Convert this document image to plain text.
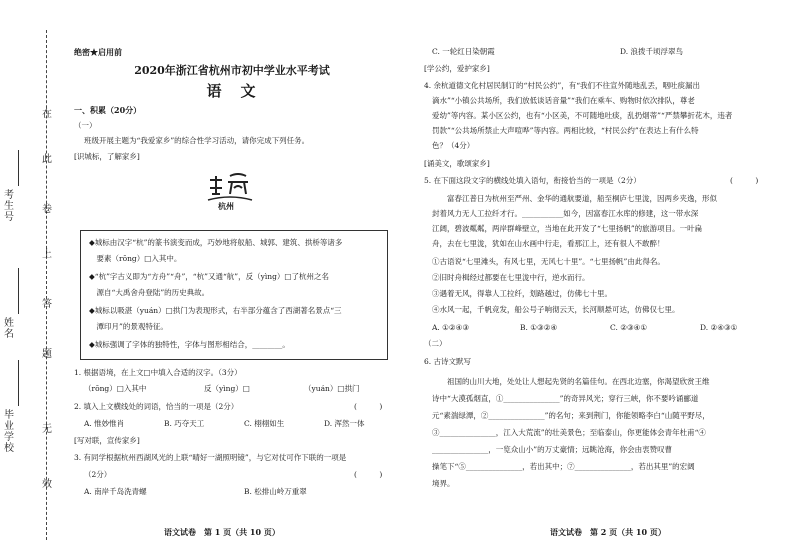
在
此
卷
上
答
题
无
效
考生号
姓名
毕业学校
绝密★启用前
2020年浙江省杭州市初中学业水平考试
语　文
一、积累（20分）
（一）
班级开展主题为“我爱家乡”的综合性学习活动，请你完成下列任务。
[识城标，了解家乡]
杭州
◆城标由汉字“杭”的篆书演变而成，巧妙地将舣船、城郭、建筑、拱桥等诸多
　要素（rōng）□入其中。
◆“杭”字古义即为“方舟”“舟”，“杭”又通“航”，反（yìng）□了杭州之名
　源自“大禹舍舟登陆”的历史典故。
◆城标以吸湛（yuán）□拱门为表现形式，右半部分蕴含了西湖著名景点“三
　潭印月”的景观特征。
◆城标强调了字体的独特性，字体与图形相结合，________。
1. 根据语境，在上文□中填入合适的汉字。（3分）
（rōng）□入其中	反（yìng）□	（yuán）□拱门
2. 填入上文横线处的词语，恰当的一项是（2分）	(　　　)
A. 惟妙惟肖	B. 巧夺天工	C. 栩栩如生	D. 浑然一体
[写对联，宣传家乡]
3. 有同学根据杭州西湖风光的上联“晴好一湖照明镜”，与它对仗可作下联的一项是
（2分）	(　　　)
A. 南岸千岛洗青螺	B. 松排山岭万重翠
语文试卷　第 1 页（共 10 页）
C. 一轮红日染朝霞	D. 浪拨千顷浮翠鸟
[学公约，爱护家乡]
4. 余杭道德文化村居民制订的“村民公约”，有“我们不往宣外随地乱丢，咽吐痰漏出
滴水”“小镇公共场所，我们放低谈话音量”“我们在乘车、购物时依次排队，尊老
爱幼”等内容。某小区公约，也有“小区美，不可随地吐痰，乱扔烟蒂”“严禁攀折花木，违者
罚款”“公共场所禁止大声喧哗”等内容。两相比较，“村民公约”在表达上有什么特
色？（4分）
[诵美文，歌颂家乡]
5. 在下面这段文字的横线处填入语句，衔接恰当的一项是（2分）	(　　　)
　　富春江普日为杭州至严州、金华的通航要道，船至桐庐七里泷，因两乡夹逸，形似
封着风力无人工拉纤才行。___________如今，因富春江水库的修建，这一带水深
江阔，碧波粼粼，两岸群峰壁立，当地在此开发了“七里扬帆”的旅游项目。一叶扁
舟，去在七里泷，犹如在山水画中行走，看那江上，还有很人不敢醉！
①古语说“七里滩头，有风七里，无风七十里”。“七里扬帆”由此得名。
②旧时舟楫经过都要在七里泷中行，逆水而行。
③遇着无风，得靠人工拉纤，划路越过，仿佛七十里。
④水风一起，千帆竞发，船公号子响彻云天，长河顺悬可达，仿佛仅七里。
A. ①②④③	B. ①③②④	C. ②③④①	D. ②④③①
（二）
6. 古诗文默写
　　祖国的山川大地，处处让人想起先贤的名篇佳句。在西北边塞，你渴望欣赏王维
诗中“大漠孤烟直，①_______________”的奇异风光；穿行三峡，你不要吟诵郦道
元“素湍绿潭，②_______________”的名句；来到荆门，你能领略李白“山随平野尽，
③_______________，江入大荒流”的壮美景色；至临泰山，你更能体会青年杜甫“④
_______________，一览众山小”的万丈豪情；远眺沧海，你会由衷赞叹曹
操笔下“⑤_______________，若出其中；⑦_______________，若出其里”的宏阔
境界。
语文试卷　第 2 页（共 10 页）
